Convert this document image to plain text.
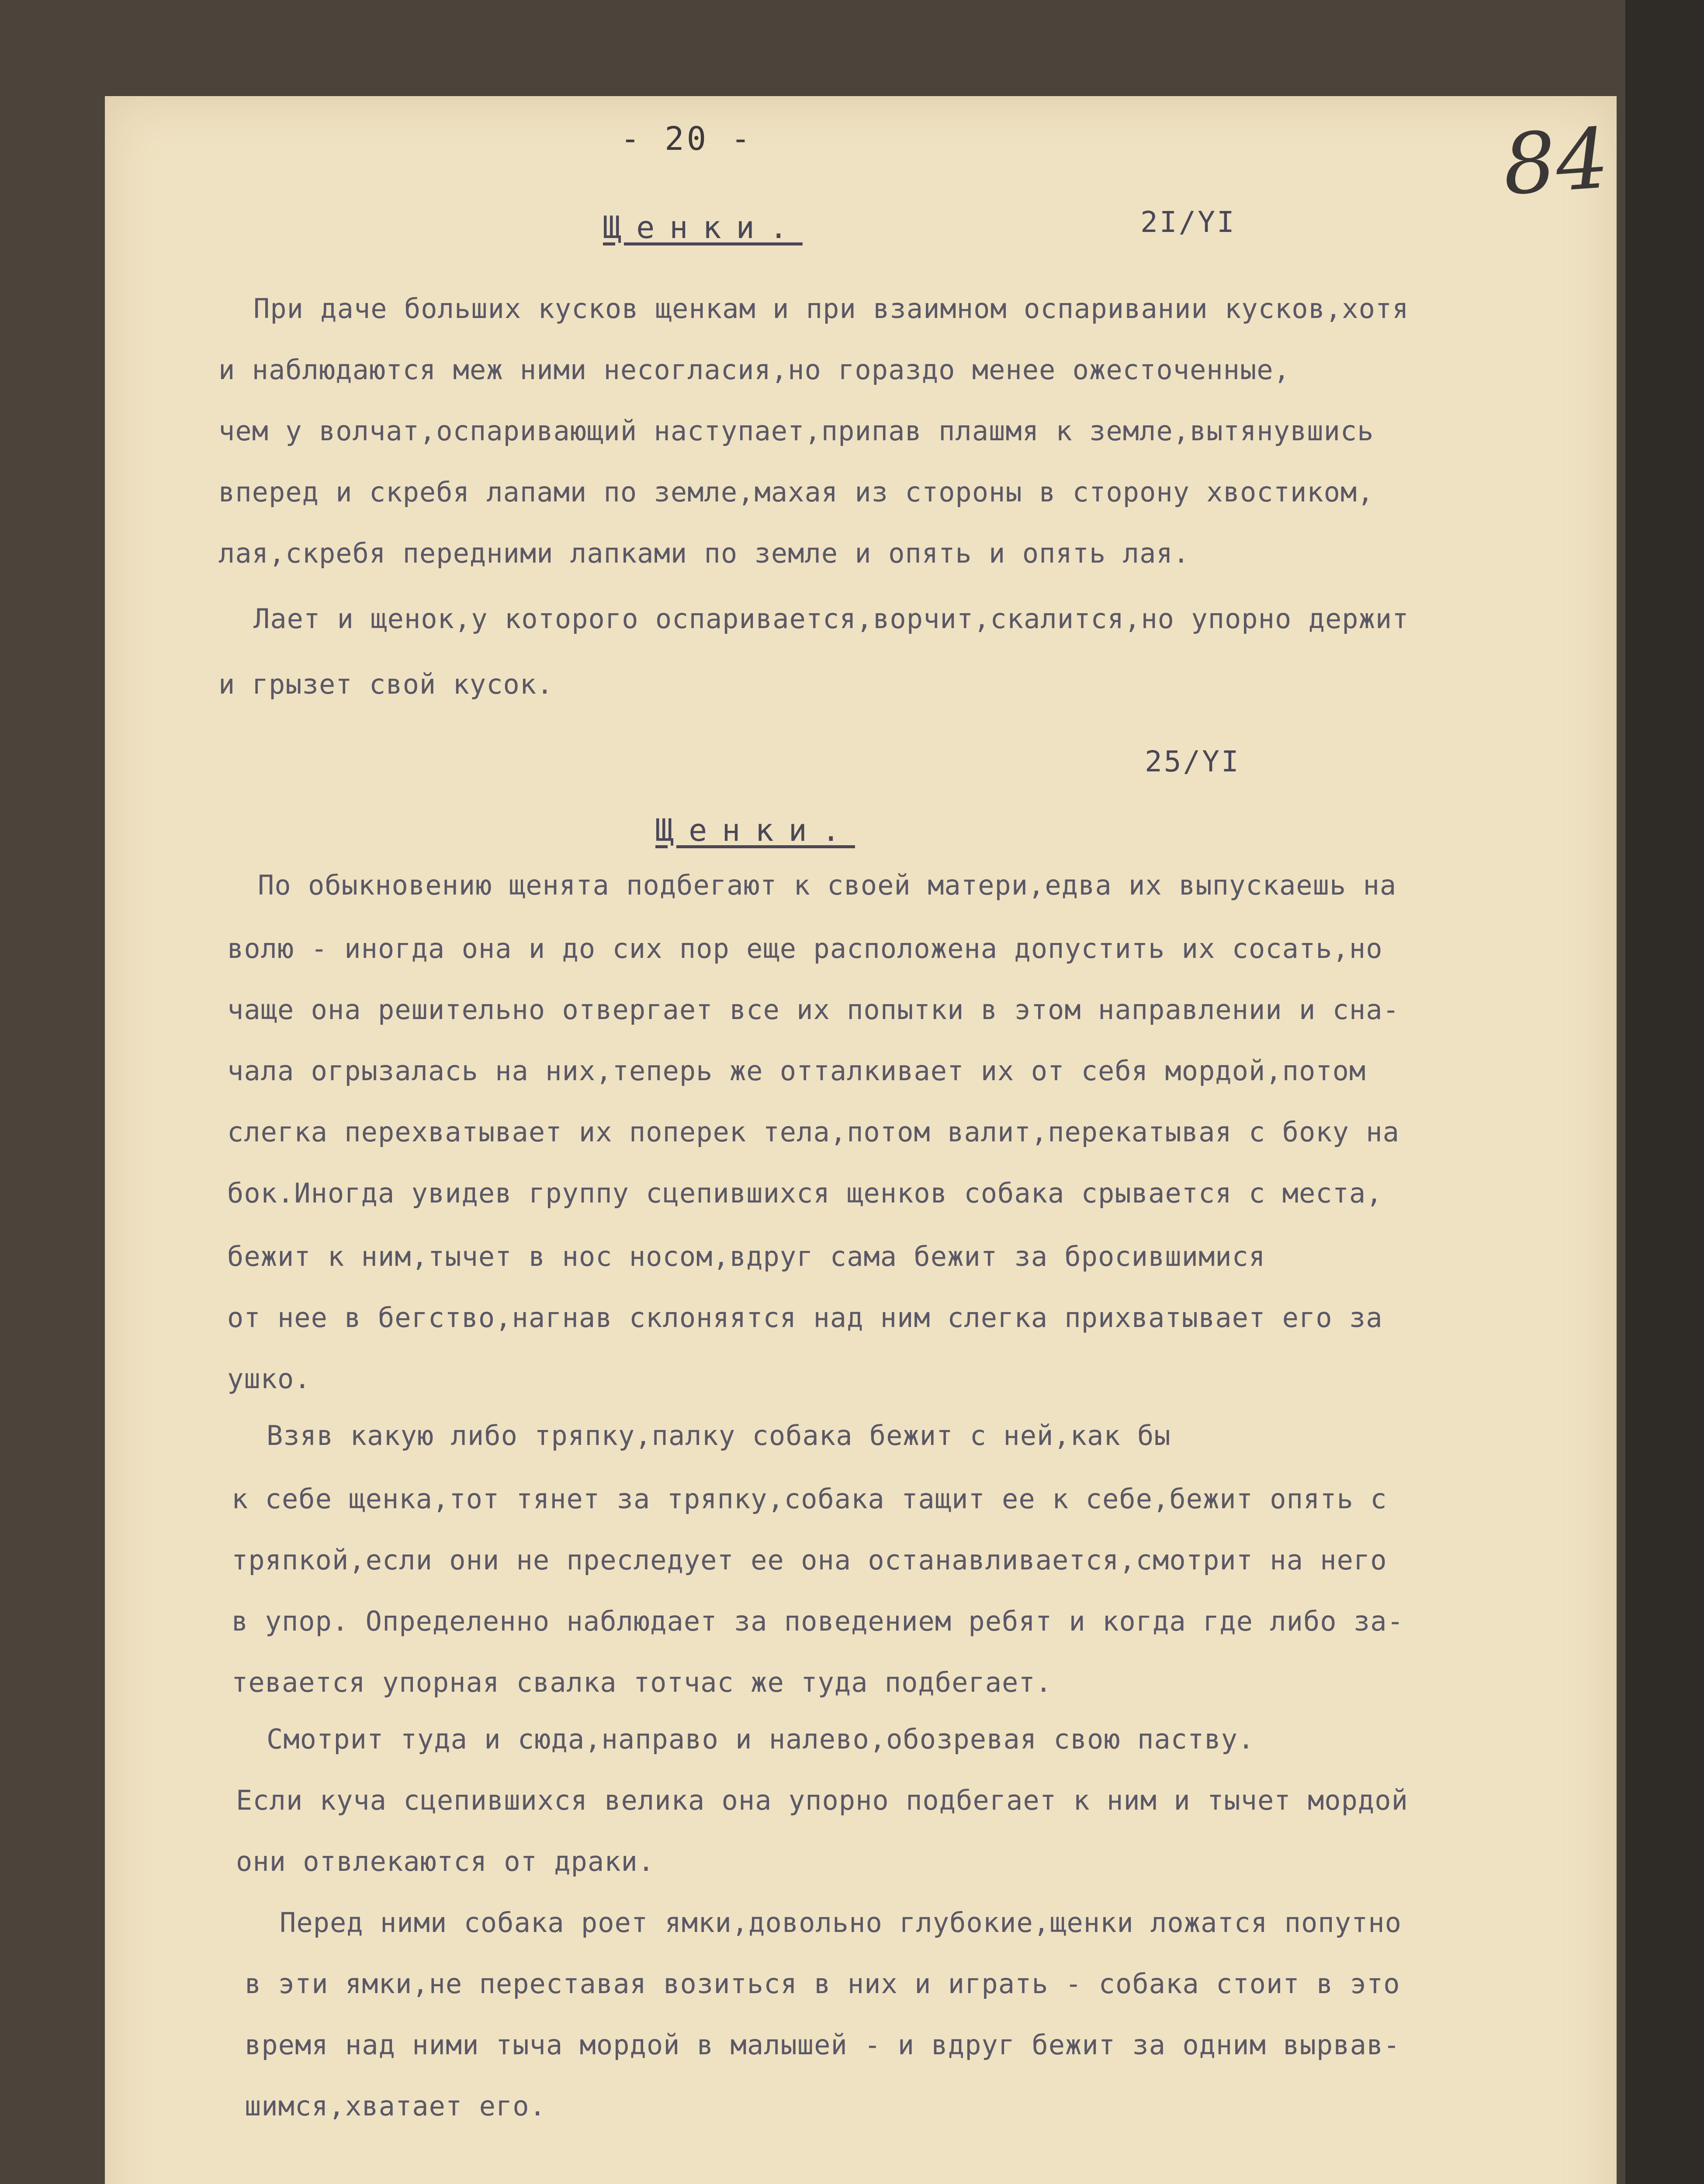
- 20 -	84
Щенки.	2I/YI
При даче больших кусков щенкам и при взаимном оспаривании кусков,хотя
и наблюдаются меж ними несогласия,но гораздо менее ожесточенные,
чем у волчат,оспаривающий наступает,припав плашмя к земле,вытянувшись
вперед и скребя лапами по земле,махая из стороны в сторону хвостиком,
лая,скребя передними лапками по земле и опять и опять лая.
Лает и щенок,у которого оспаривается,ворчит,скалится,но упорно держит
и грызет свой кусок.
25/YI
Щенки.
По обыкновению щенята подбегают к своей матери,едва их выпускаешь на
волю - иногда она и до сих пор еще расположена допустить их сосать,но
чаще она решительно отвергает все их попытки в этом направлении и сна-
чала огрызалась на них,теперь же отталкивает их от себя мордой,потом
слегка перехватывает их поперек тела,потом валит,перекатывая с боку на
бок.Иногда увидев группу сцепившихся щенков собака срывается с места,
бежит к ним,тычет в нос носом,вдруг сама бежит за бросившимися
от нее в бегство,нагнав склоняятся над ним слегка прихватывает его за
ушко.
Взяв какую либо тряпку,палку собака бежит с ней,как бы
к себе щенка,тот тянет за тряпку,собака тащит ее к себе,бежит опять с
тряпкой,если они не преследует ее она останавливается,смотрит на него
в упор. Определенно наблюдает за поведением ребят и когда где либо за-
тевается упорная свалка тотчас же туда подбегает.
Смотрит туда и сюда,направо и налево,обозревая свою паству.
Если куча сцепившихся велика она упорно подбегает к ним и тычет мордой
они отвлекаются от драки.
Перед ними собака роет ямки,довольно глубокие,щенки ложатся попутно
в эти ямки,не переставая возиться в них и играть - собака стоит в это
время над ними тыча мордой в малышей - и вдруг бежит за одним вырвав-
шимся,хватает его.
